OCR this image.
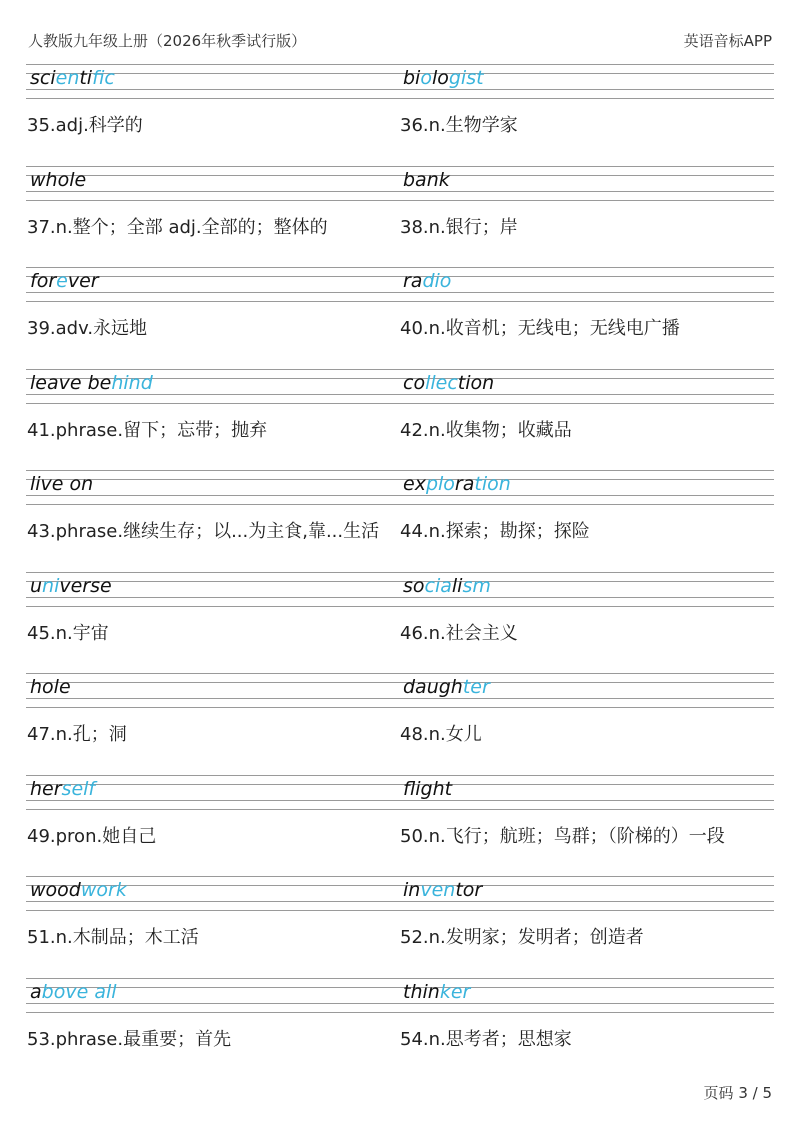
人教版九年级上册（2026年秋季试行版）	英语音标APP
scientific
35.adj.科学的
biologist
36.n.生物学家
whole
37.n.整个；全部 adj.全部的；整体的
bank
38.n.银行；岸
forever
39.adv.永远地
radio
40.n.收音机；无线电；无线电广播
leave behind
41.phrase.留下；忘带；抛弃
collection
42.n.收集物；收藏品
live on
43.phrase.继续生存；以...为主食,靠...生活
exploration
44.n.探索；勘探；探险
universe
45.n.宇宙
socialism
46.n.社会主义
hole
47.n.孔；洞
daughter
48.n.女儿
herself
49.pron.她自己
flight
50.n.飞行；航班；鸟群；（阶梯的）一段
woodwork
51.n.木制品；木工活
inventor
52.n.发明家；发明者；创造者
above all
53.phrase.最重要；首先
thinker
54.n.思考者；思想家
页码 3 / 5
